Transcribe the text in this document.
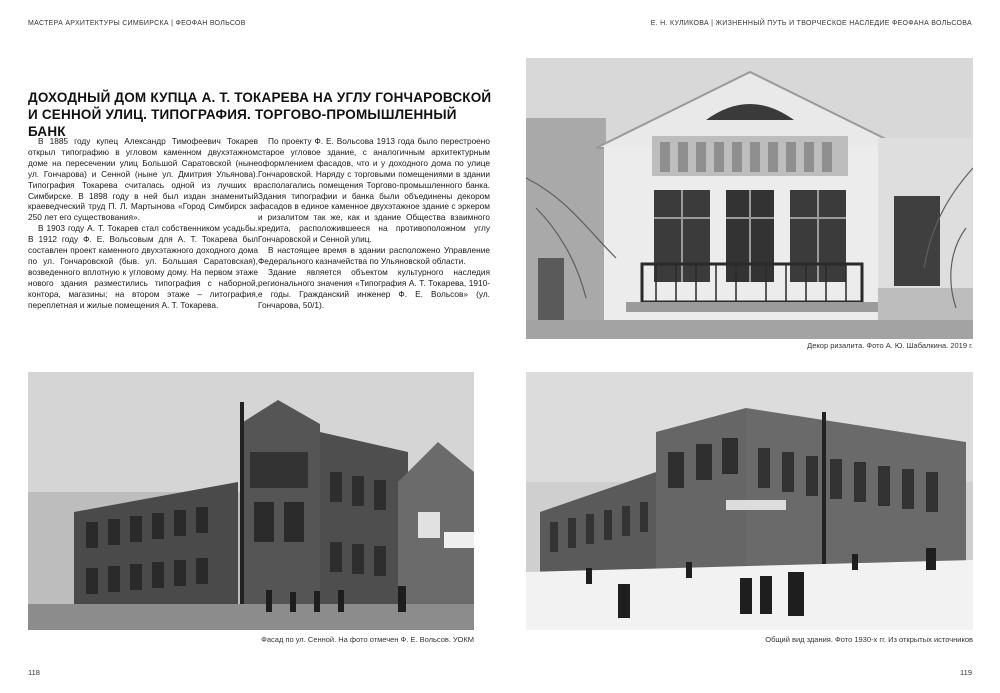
МАСТЕРА АРХИТЕКТУРЫ СИМБИРСКА | ФЕОФАН ВОЛЬСОВ	Е. Н. КУЛИКОВА | ЖИЗНЕННЫЙ ПУТЬ И ТВОРЧЕСКОЕ НАСЛЕДИЕ ФЕОФАНА ВОЛЬСОВА
ДОХОДНЫЙ ДОМ КУПЦА А. Т. ТОКАРЕВА НА УГЛУ ГОНЧАРОВСКОЙ
И СЕННОЙ УЛИЦ. ТИПОГРАФИЯ. ТОРГОВО-ПРОМЫШЛЕННЫЙ БАНК

В 1885 году купец Александр Тимофеевич Токарев открыл типографию в угловом каменном двухэтажном доме на пересечении улиц Большой Саратовской (ныне ул. Гончарова) и Сенной (ныне ул. Дмитрия Ульянова). Типография Токарева считалась одной из лучших в Симбирске. В 1898 году в ней был издан знаменитый краеведческий труд П. Л. Мартынова «Город Симбирск за 250 лет его существования».

В 1903 году А. Т. Токарев стал собственником усадьбы. В 1912 году Ф. Е. Вольсовым для А. Т. Токарева был составлен проект каменного двухэтажного доходного дома по ул. Гончаровской (быв. ул. Большая Саратовская), возведенного вплотную к угловому дому. На первом этаже нового здания разместились типография с наборной, контора, магазины; на втором этаже – литография, переплетная и жилые помещения А. Т. Токарева.

По проекту Ф. Е. Вольсова 1913 года было перестроено старое угловое здание, с аналогичным архитектурным оформлением фасадов, что и у доходного дома по улице Гончаровской. Наряду с торговыми помещениями в здании располагались помещения Торгово-промышленного банка. Здания типографии и банка были объединены декором фасадов в единое каменное двухэтажное здание с эркером и ризалитом так же, как и здание Общества взаимного кредита, расположившееся на противоположном углу Гончаровской и Сенной улиц.

В настоящее время в здании расположено Управление Федерального казначейства по Ульяновской области.

Здание является объектом культурного наследия регионального значения «Типография А. Т. Токарева, 1910-е годы. Гражданский инженер Ф. Е. Вольсов» (ул. Гончарова, 50/1).

Декор ризалита. Фото А. Ю. Шабалкина. 2019 г.
Фасад по ул. Сенной. На фото отмечен Ф. Е. Вольсов. УОКМ	Общий вид здания. Фото 1930-х гг. Из открытых источников
118	119
